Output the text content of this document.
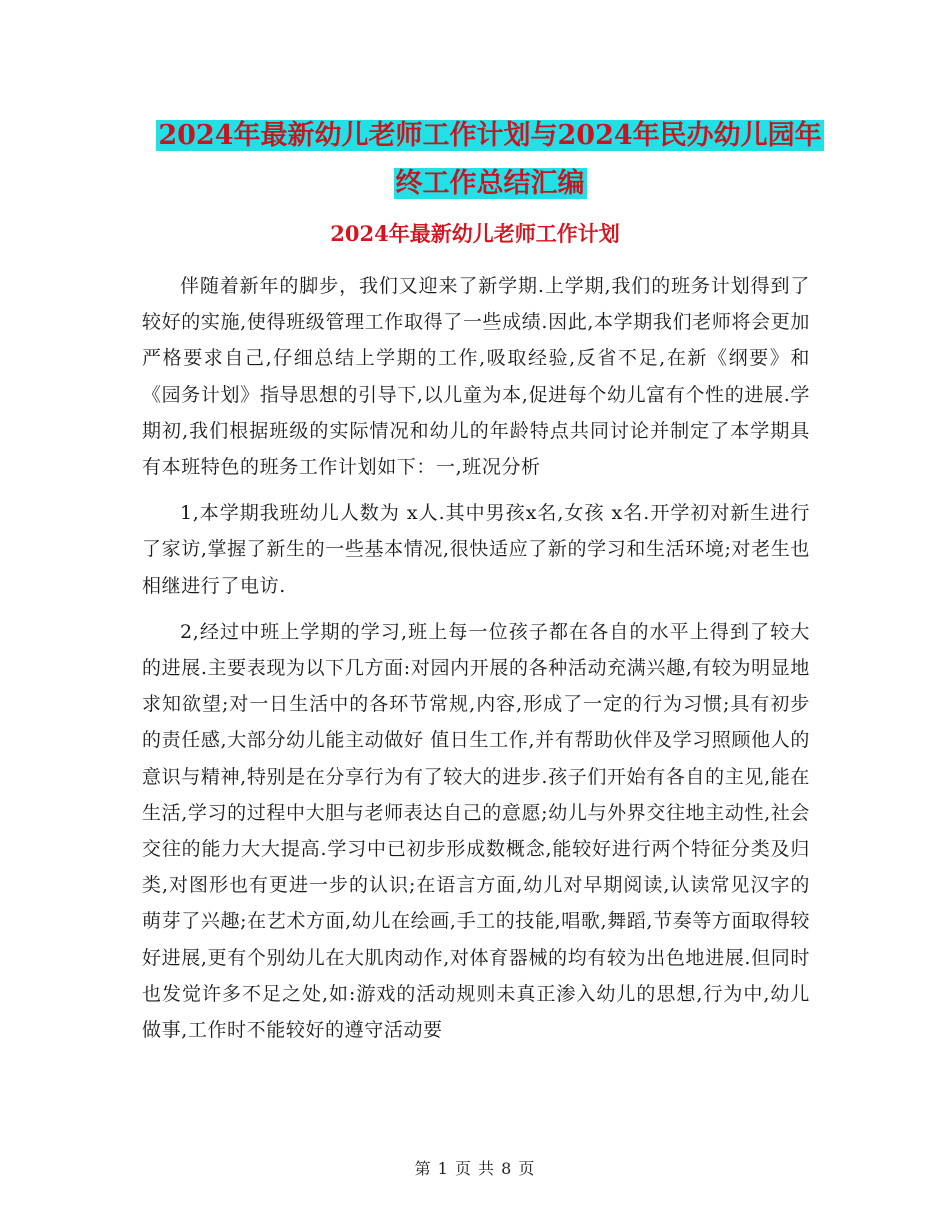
2024年最新幼儿老师工作计划与2024年民办幼儿园年
终工作总结汇编
2024年最新幼儿老师工作计划

伴随着新年的脚步，我们又迎来了新学期.上学期,我们的班务计划得到了较好的实施,使得班级管理工作取得了一些成绩.因此,本学期我们老师将会更加严格要求自己,仔细总结上学期的工作,吸取经验,反省不足,在新《纲要》和《园务计划》指导思想的引导下,以儿童为本,促进每个幼儿富有个性的进展.学期初,我们根据班级的实际情况和幼儿的年龄特点共同讨论并制定了本学期具有本班特色的班务工作计划如下：一,班况分析

1,本学期我班幼儿人数为 x人.其中男孩x名,女孩 x名.开学初对新生进行了家访,掌握了新生的一些基本情况,很快适应了新的学习和生活环境;对老生也相继进行了电访.

2,经过中班上学期的学习,班上每一位孩子都在各自的水平上得到了较大的进展.主要表现为以下几方面:对园内开展的各种活动充满兴趣,有较为明显地求知欲望;对一日生活中的各环节常规,内容,形成了一定的行为习惯;具有初步的责任感,大部分幼儿能主动做好 值日生工作,并有帮助伙伴及学习照顾他人的意识与精神,特别是在分享行为有了较大的进步.孩子们开始有各自的主见,能在生活,学习的过程中大胆与老师表达自己的意愿;幼儿与外界交往地主动性,社会交往的能力大大提高.学习中已初步形成数概念,能较好进行两个特征分类及归类,对图形也有更进一步的认识;在语言方面,幼儿对早期阅读,认读常见汉字的萌芽了兴趣;在艺术方面,幼儿在绘画,手工的技能,唱歌,舞蹈,节奏等方面取得较好进展,更有个别幼儿在大肌肉动作,对体育器械的均有较为出色地进展.但同时也发觉许多不足之处,如:游戏的活动规则未真正渗入幼儿的思想,行为中,幼儿做事,工作时不能较好的遵守活动要

第 1 页 共 8 页
